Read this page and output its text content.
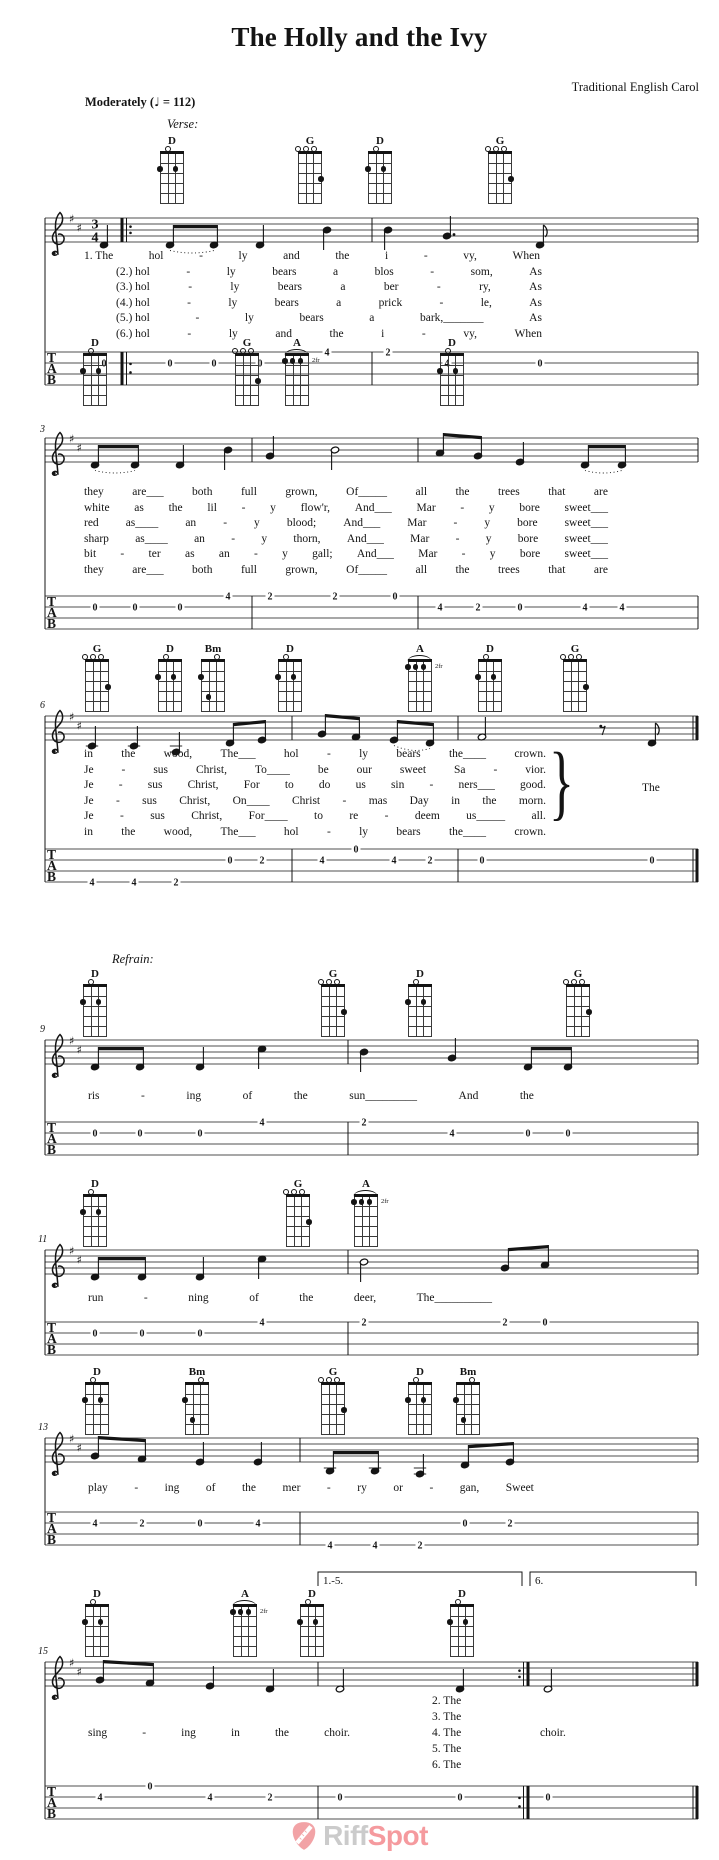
♯
♯ 3
4
T
A
B
0	0	0	0
4	2
4	0
♯
♯
T
A
B
0	0	0
4	2	2	0
4	2	0	4	4
♯
♯
T
A
B	4	4	2
0	2	4
0
4	2	0	0
♯
♯
T
A
B
0	0	0
4	2
4	0	0
♯
♯
T
A
B
0	0	0
4	2	2	0
♯
♯
T
A
B
4	2	0	4
4	4	2
0	2
♯
♯
1.-5.	6.
T
A
B
4
0
4	2	0	0	0
The Holly and the Ivy
Traditional English Carol
Moderately (♩ = 112)
Verse:
D	G	D	G
1. The	hol	-	ly	and	the	i	-	vy,	When
(2.) hol	-	ly	bears	a	blos	-	som,	As
(3.) hol	-	ly	bears	a	ber	-	ry,	As
(4.) hol	-	ly	bears	a	prick	-	le,	As
(5.) hol	-	ly	bears	a	bark,_______	As
(6.) hol	-	ly	and	the	i	-	vy,	When
3
D	G	A
2fr
D
they are___ both full grown, Of_____ all the trees that are
white as the lil - y flow'r, And___ Mar - y bore sweet___
red as____ an - y blood; And___ Mar - y bore sweet___
sharp as____ an - y thorn, And___ Mar - y bore sweet___
bit - ter as an - y gall; And___ Mar - y bore sweet___
they are___ both full grown, Of_____ all the trees that are
6
G	D	Bm	D	A
2fr
D	G
in the wood, The___ hol - ly bears the____ crown.
Je - sus Christ, To____ be our sweet Sa - vior.
Je - sus Christ, For to do us sin - ners___ good.
Je - sus Christ, On____ Christ - mas Day in the morn.
Je - sus Christ, For____ to re - deem us_____ all.
in the wood, The___ hol - ly bears the____ crown.
}	The
Refrain:
9
D	G	D	G
ris	-	ing	of	the	sun_________	And	the
11
D	G	A
2fr
run	-	ning	of	the	deer,	The__________
13
D	Bm	G	D	Bm
play - ing of the mer - ry or - gan, Sweet
15
D	A
2fr
D	D
sing	-	ing	in	the	choir.
2. The
3. The
4. The
5. The
6. The
choir.
RiffSpot
